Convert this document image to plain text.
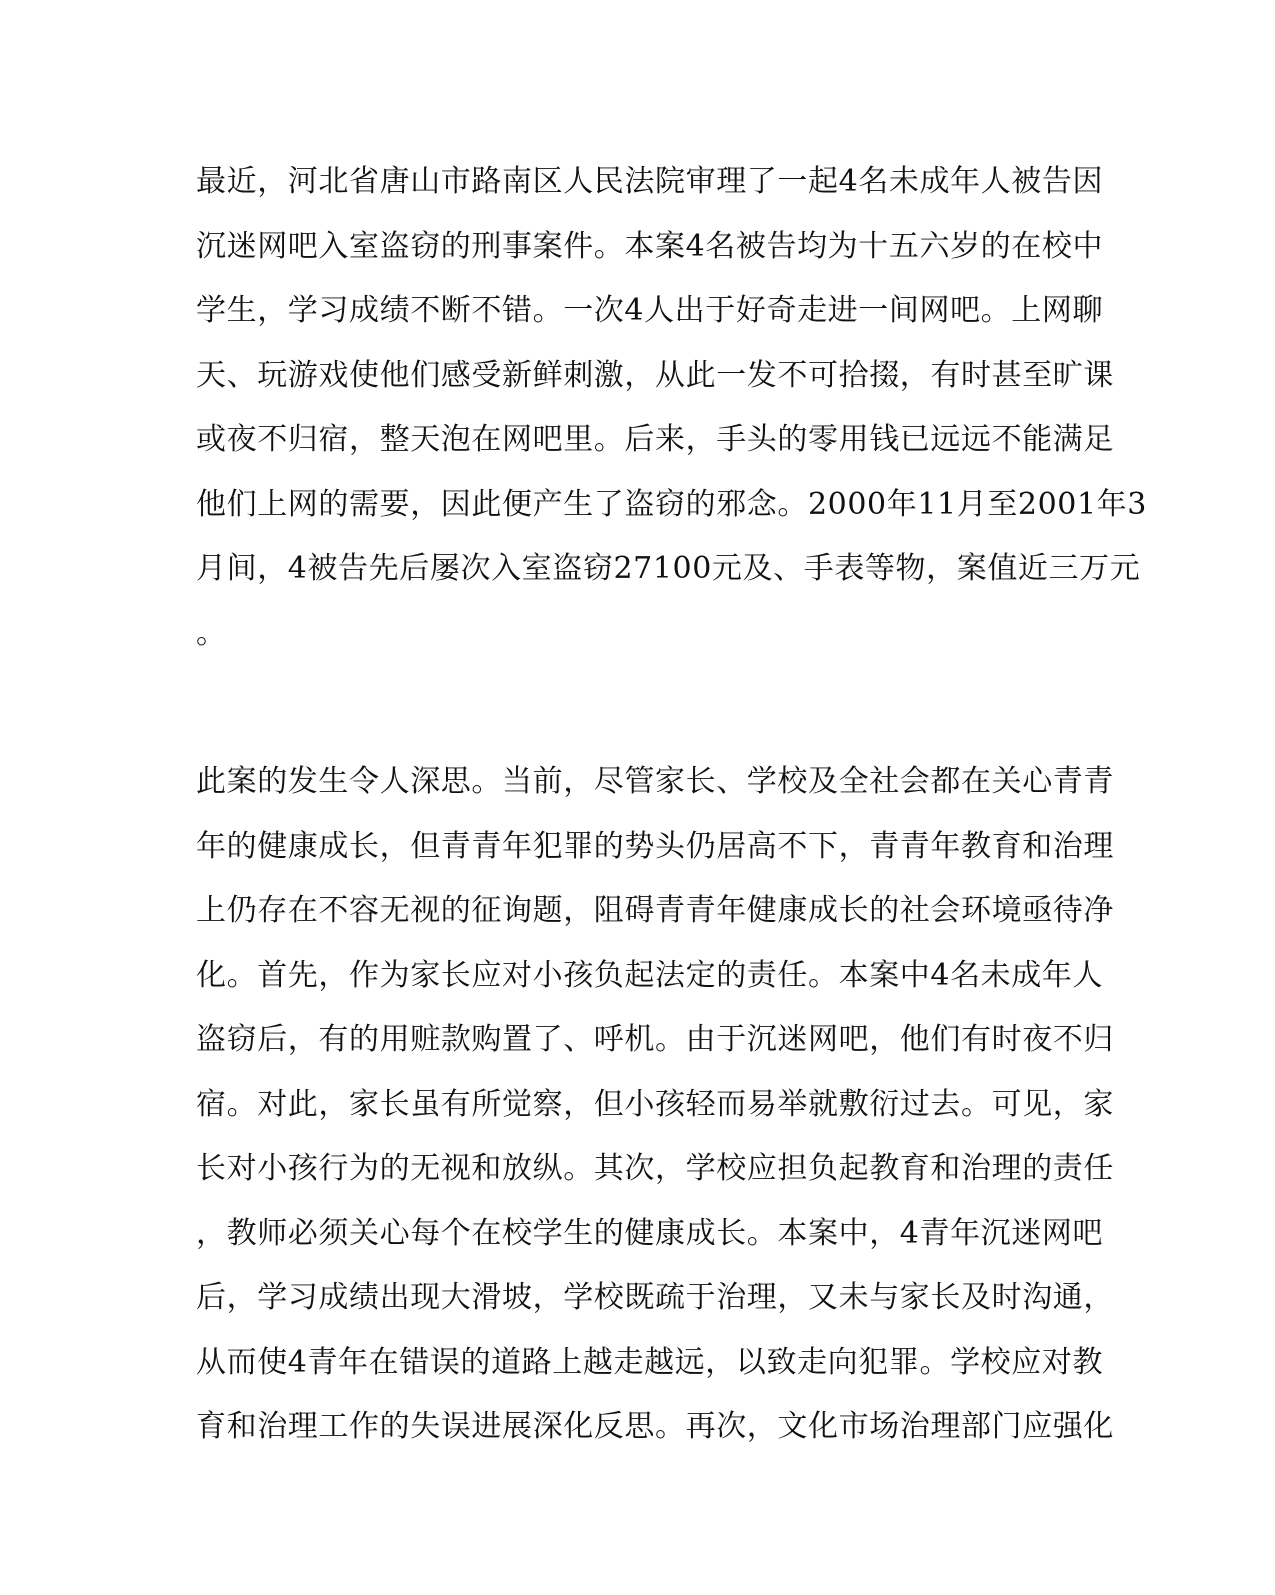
最近，河北省唐山市路南区人民法院审理了一起4名未成年人被告因
沉迷网吧入室盗窃的刑事案件。本案4名被告均为十五六岁的在校中
学生，学习成绩不断不错。一次4人出于好奇走进一间网吧。上网聊
天、玩游戏使他们感受新鲜刺激，从此一发不可拾掇，有时甚至旷课
或夜不归宿，整天泡在网吧里。后来，手头的零用钱已远远不能满足
他们上网的需要，因此便产生了盗窃的邪念。2000年11月至2001年3
月间，4被告先后屡次入室盗窃27100元及、手表等物，案值近三万元
。
此案的发生令人深思。当前，尽管家长、学校及全社会都在关心青青
年的健康成长，但青青年犯罪的势头仍居高不下，青青年教育和治理
上仍存在不容无视的征询题，阻碍青青年健康成长的社会环境亟待净
化。首先，作为家长应对小孩负起法定的责任。本案中4名未成年人
盗窃后，有的用赃款购置了、呼机。由于沉迷网吧，他们有时夜不归
宿。对此，家长虽有所觉察，但小孩轻而易举就敷衍过去。可见，家
长对小孩行为的无视和放纵。其次，学校应担负起教育和治理的责任
，教师必须关心每个在校学生的健康成长。本案中，4青年沉迷网吧
后，学习成绩出现大滑坡，学校既疏于治理，又未与家长及时沟通，
从而使4青年在错误的道路上越走越远，以致走向犯罪。学校应对教
育和治理工作的失误进展深化反思。再次，文化市场治理部门应强化
